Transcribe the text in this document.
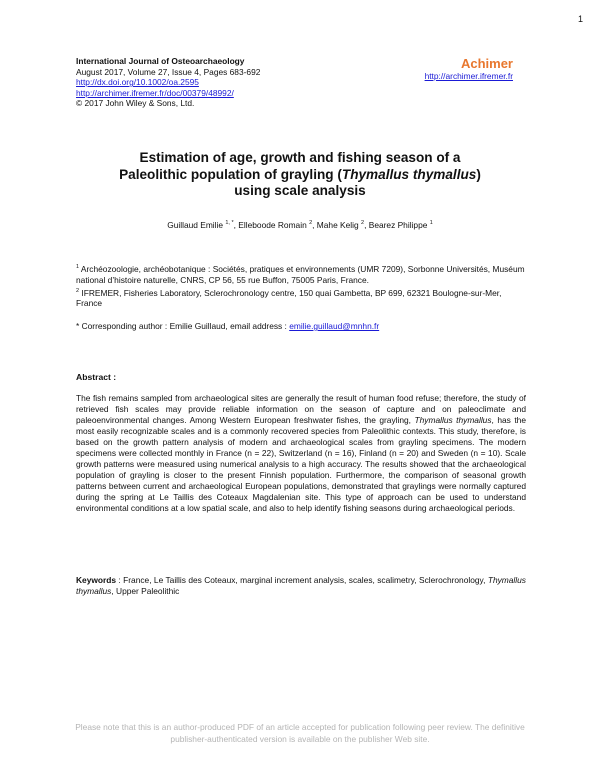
1
International Journal of Osteoarchaeology
August 2017, Volume 27, Issue 4, Pages 683-692
http://dx.doi.org/10.1002/oa.2595
http://archimer.ifremer.fr/doc/00379/48992/
© 2017 John Wiley & Sons, Ltd.
Achimer
http://archimer.ifremer.fr
Estimation of age, growth and fishing season of a
Paleolithic population of grayling (Thymallus thymallus)
using scale analysis
Guillaud Emilie $^{1, *}$, Elleboode Romain $^2$, Mahe Kelig $^2$, Bearez Philippe $^1$
$^1$ Archéozoologie, archéobotanique : Sociétés, pratiques et environnements (UMR 7209), Sorbonne Universités, Muséum national d’histoire naturelle, CNRS, CP 56, 55 rue Buffon, 75005 Paris, France.
$^2$ IFREMER, Fisheries Laboratory, Sclerochronology centre, 150 quai Gambetta, BP 699, 62321 Boulogne-sur-Mer, France
* Corresponding author : Emilie Guillaud, email address : emilie.guillaud@mnhn.fr
Abstract :
The fish remains sampled from archaeological sites are generally the result of human food refuse; therefore, the study of retrieved fish scales may provide reliable information on the season of capture and on paleoclimate and paleoenvironmental changes. Among Western European freshwater fishes, the grayling, Thymallus thymallus, has the most easily recognizable scales and is a commonly recovered species from Paleolithic contexts. This study, therefore, is based on the growth pattern analysis of modern and archaeological scales from grayling specimens. The modern specimens were collected monthly in France (n = 22), Switzerland (n = 16), Finland (n = 20) and Sweden (n = 10). Scale growth patterns were measured using numerical analysis to a high accuracy. The results showed that the archaeological population of grayling is closer to the present Finnish population. Furthermore, the comparison of seasonal growth patterns between current and archaeological European populations, demonstrated that graylings were normally captured during the spring at Le Taillis des Coteaux Magdalenian site. This type of approach can be used to understand environmental conditions at a low spatial scale, and also to help identify fishing seasons during archaeological periods.
Keywords : France, Le Taillis des Coteaux, marginal increment analysis, scales, scalimetry, Sclerochronology, Thymallus thymallus, Upper Paleolithic
Please note that this is an author-produced PDF of an article accepted for publication following peer review. The definitive
publisher-authenticated version is available on the publisher Web site.
